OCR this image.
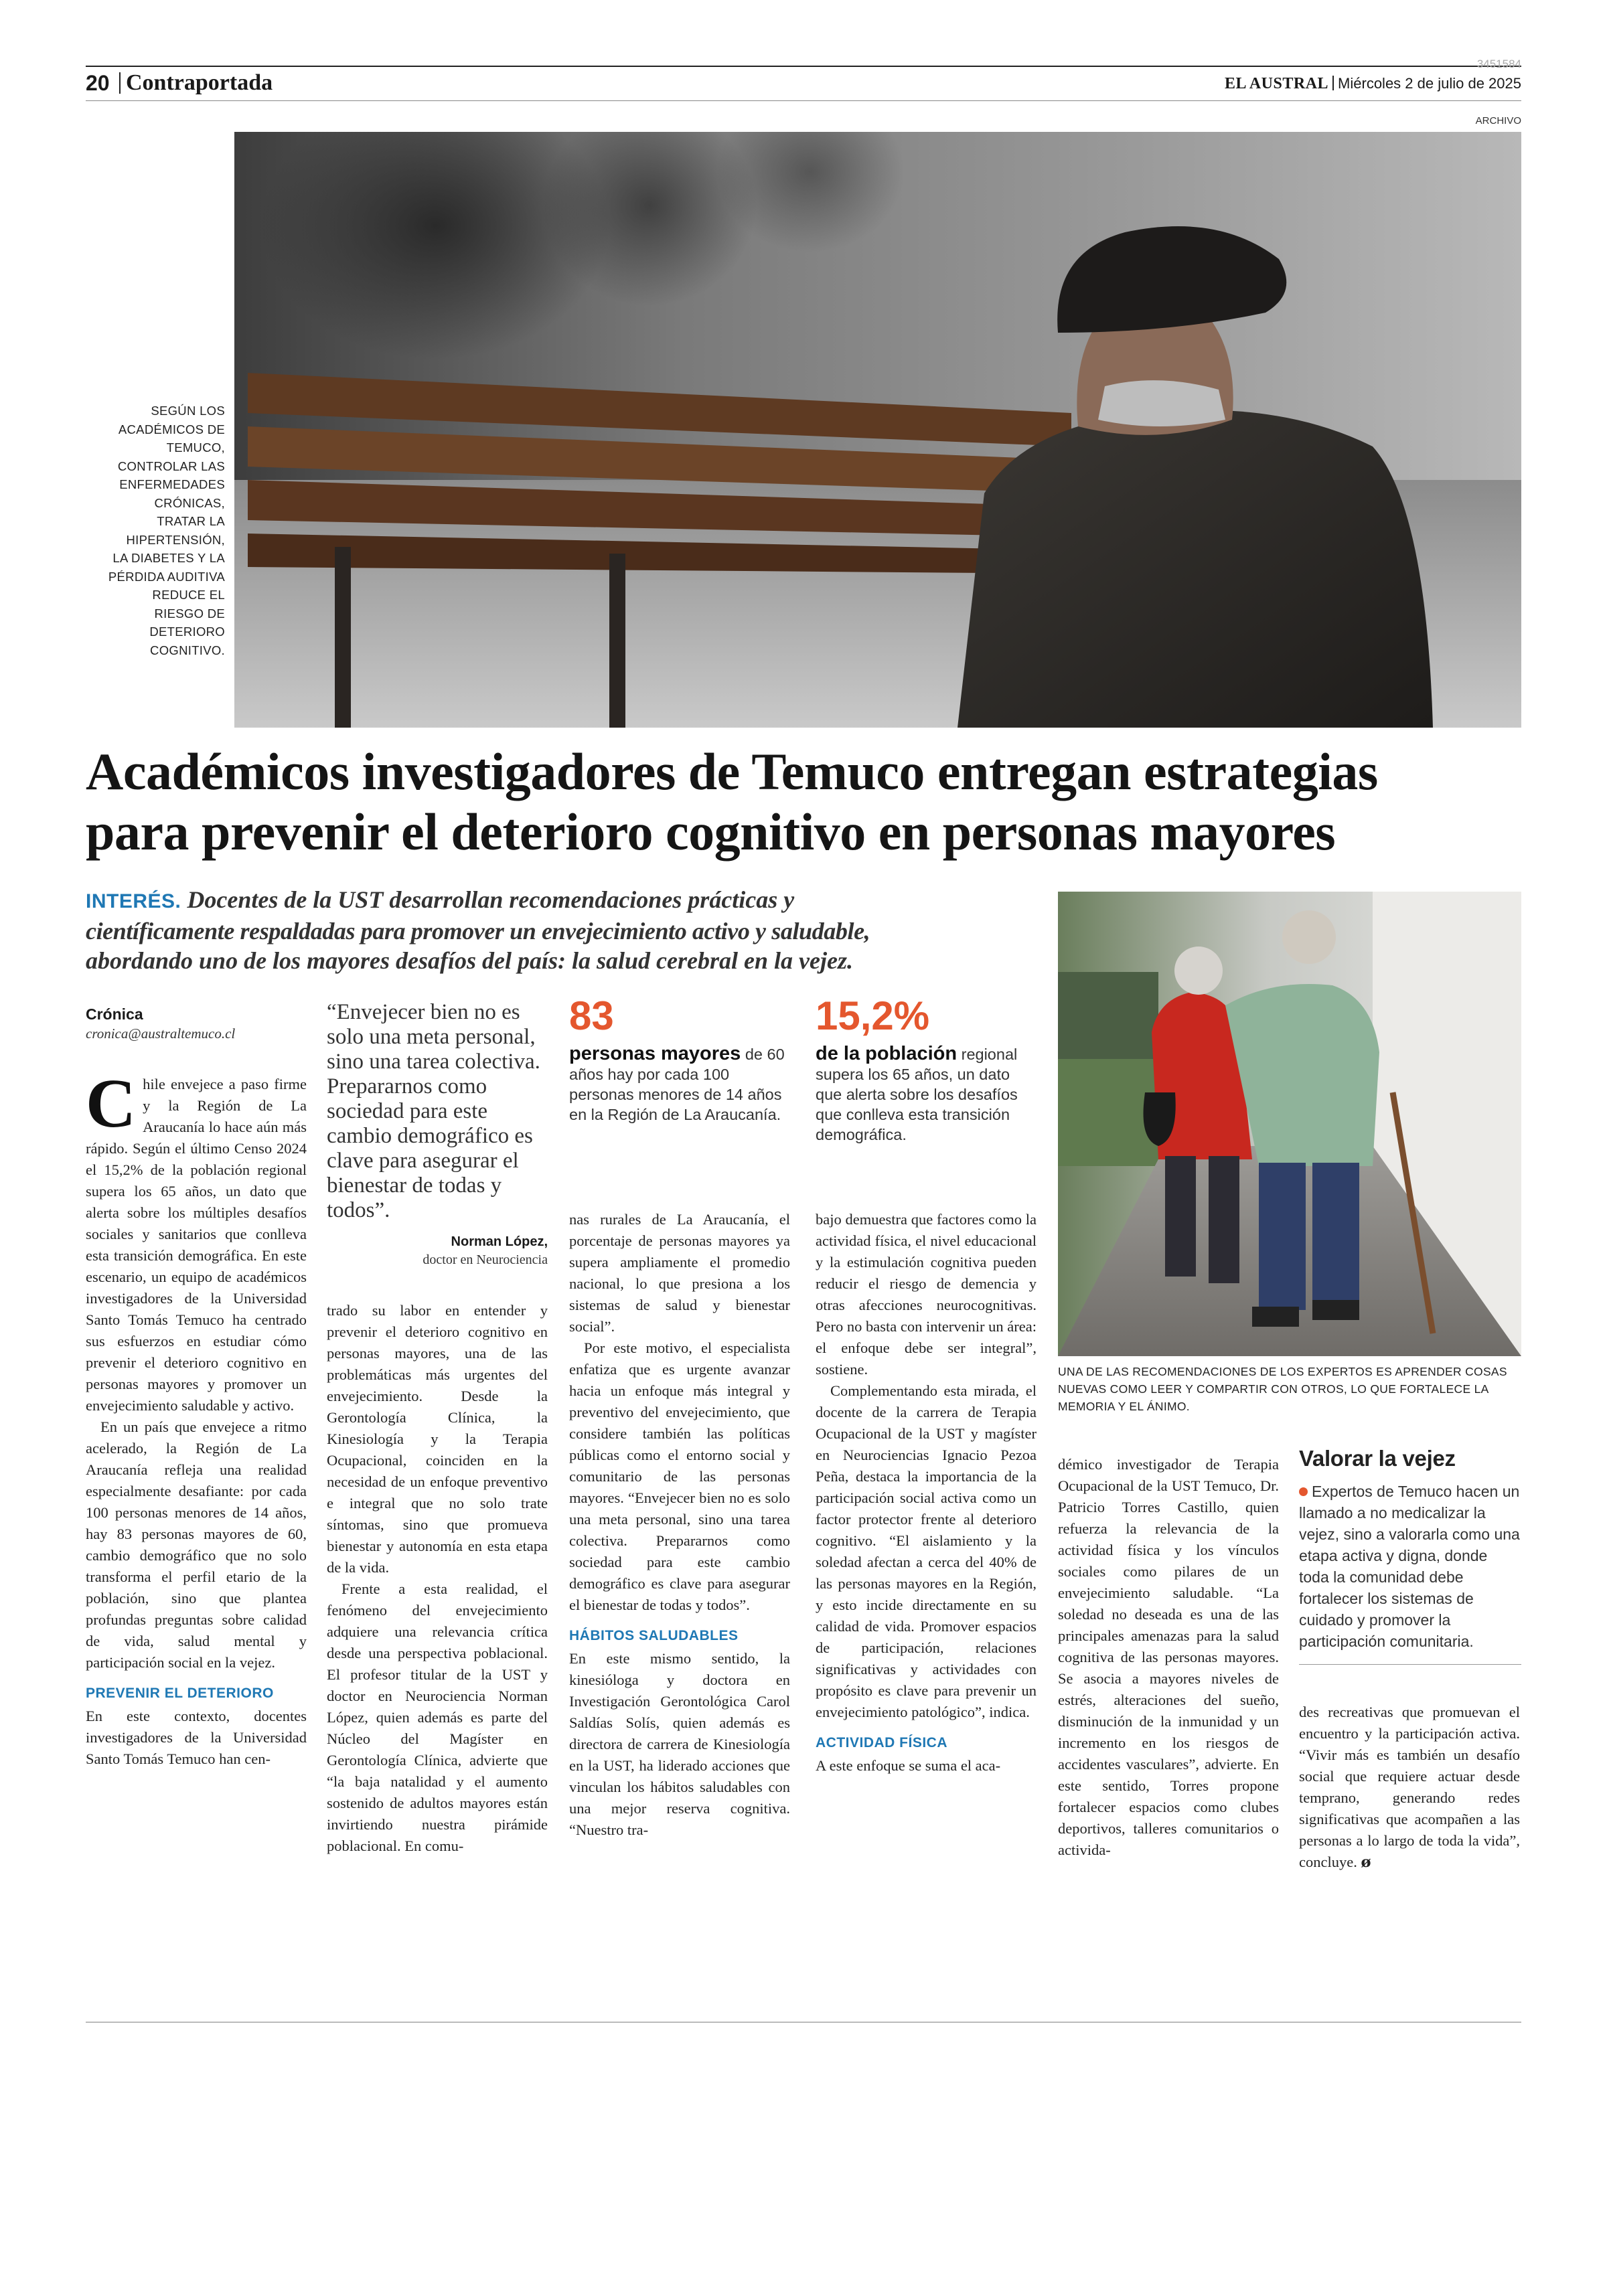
20 Contraportada	EL AUSTRAL Miércoles 2 de julio de 2025
3451584
ARCHIVO
SEGÚN LOS ACADÉMICOS DE TEMUCO, CONTROLAR LAS ENFERMEDADES CRÓNICAS, TRATAR LA HIPERTENSIÓN, LA DIABETES Y LA PÉRDIDA AUDITIVA REDUCE EL RIESGO DE DETERIORO COGNITIVO.
Académicos investigadores de Temuco entregan estrategias
para prevenir el deterioro cognitivo en personas mayores
INTERÉS. Docentes de la UST desarrollan recomendaciones prácticas y
científicamente respaldadas para promover un envejecimiento activo y saludable,
abordando uno de los mayores desafíos del país: la salud cerebral en la vejez.
Crónica
cronica@australtemuco.cl

Chile envejece a paso firme y la Región de La Araucanía lo hace aún más rápido. Según el último Censo 2024 el 15,2% de la población regional supera los 65 años, un dato que alerta sobre los múltiples desafíos sociales y sanitarios que conlleva esta transición demográfica. En este escenario, un equipo de académicos investigadores de la Universidad Santo Tomás Temuco ha centrado sus esfuerzos en estudiar cómo prevenir el deterioro cognitivo en personas mayores y promover un envejecimiento saludable y activo.

En un país que envejece a ritmo acelerado, la Región de La Araucanía refleja una realidad especialmente desafiante: por cada 100 personas menores de 14 años, hay 83 personas mayores de 60, cambio demográfico que no solo transforma el perfil etario de la población, sino que plantea profundas preguntas sobre calidad de vida, salud mental y participación social en la vejez.

PREVENIR EL DETERIORO

En este contexto, docentes investigadores de la Universidad Santo Tomás Temuco han cen-

“Envejecer bien no es solo una meta personal, sino una tarea colectiva. Prepararnos como sociedad para este cambio demográfico es clave para asegurar el bienestar de todas y todos”.
Norman López,
doctor en Neurociencia

trado su labor en entender y prevenir el deterioro cognitivo en personas mayores, una de las problemáticas más urgentes del envejecimiento. Desde la Gerontología Clínica, la Kinesiología y la Terapia Ocupacional, coinciden en la necesidad de un enfoque preventivo e integral que no solo trate síntomas, sino que promueva bienestar y autonomía en esta etapa de la vida.

Frente a esta realidad, el fenómeno del envejecimiento adquiere una relevancia crítica desde una perspectiva poblacional. El profesor titular de la UST y doctor en Neurociencia Norman López, quien además es parte del Núcleo del Magíster en Gerontología Clínica, advierte que “la baja natalidad y el aumento sostenido de adultos mayores están invirtiendo nuestra pirámide poblacional. En comu-

83
personas mayores de 60 años hay por cada 100 personas menores de 14 años en la Región de La Araucanía.
15,2%
de la población regional supera los 65 años, un dato que alerta sobre los desafíos que conlleva esta transición demográfica.

nas rurales de La Araucanía, el porcentaje de personas mayores ya supera ampliamente el promedio nacional, lo que presiona a los sistemas de salud y bienestar social”.

Por este motivo, el especialista enfatiza que es urgente avanzar hacia un enfoque más integral y preventivo del envejecimiento, que considere también las políticas públicas como el entorno social y comunitario de las personas mayores. “Envejecer bien no es solo una meta personal, sino una tarea colectiva. Prepararnos como sociedad para este cambio demográfico es clave para asegurar el bienestar de todas y todos”.

HÁBITOS SALUDABLES

En este mismo sentido, la kinesióloga y doctora en Investigación Gerontológica Carol Saldías Solís, quien además es directora de carrera de Kinesiología en la UST, ha liderado acciones que vinculan los hábitos saludables con una mejor reserva cognitiva. “Nuestro tra-

bajo demuestra que factores como la actividad física, el nivel educacional y la estimulación cognitiva pueden reducir el riesgo de demencia y otras afecciones neurocognitivas. Pero no basta con intervenir un área: el enfoque debe ser integral”, sostiene.

Complementando esta mirada, el docente de la carrera de Terapia Ocupacional de la UST y magíster en Neurociencias Ignacio Pezoa Peña, destaca la importancia de la participación social activa como un factor protector frente al deterioro cognitivo. “El aislamiento y la soledad afectan a cerca del 40% de las personas mayores en la Región, y esto incide directamente en su calidad de vida. Promover espacios de participación, relaciones significativas y actividades con propósito es clave para prevenir un envejecimiento patológico”, indica.

ACTIVIDAD FÍSICA

A este enfoque se suma el aca-

UNA DE LAS RECOMENDACIONES DE LOS EXPERTOS ES APRENDER COSAS NUEVAS COMO LEER Y COMPARTIR CON OTROS, LO QUE FORTALECE LA MEMORIA Y EL ÁNIMO.

démico investigador de Terapia Ocupacional de la UST Temuco, Dr. Patricio Torres Castillo, quien refuerza la relevancia de la actividad física y los vínculos sociales como pilares de un envejecimiento saludable. “La soledad no deseada es una de las principales amenazas para la salud cognitiva de las personas mayores. Se asocia a mayores niveles de estrés, alteraciones del sueño, disminución de la inmunidad y un incremento en los riesgos de accidentes vasculares”, advierte. En este sentido, Torres propone fortalecer espacios como clubes deportivos, talleres comunitarios o activida-

Valorar la vejez
Expertos de Temuco hacen un llamado a no medicalizar la vejez, sino a valorarla como una etapa activa y digna, donde toda la comunidad debe fortalecer los sistemas de cuidado y promover la participación comunitaria.

des recreativas que promuevan el encuentro y la participación activa. “Vivir más es también un desafío social que requiere actuar desde temprano, generando redes significativas que acompañen a las personas a lo largo de toda la vida”, concluye. ø
